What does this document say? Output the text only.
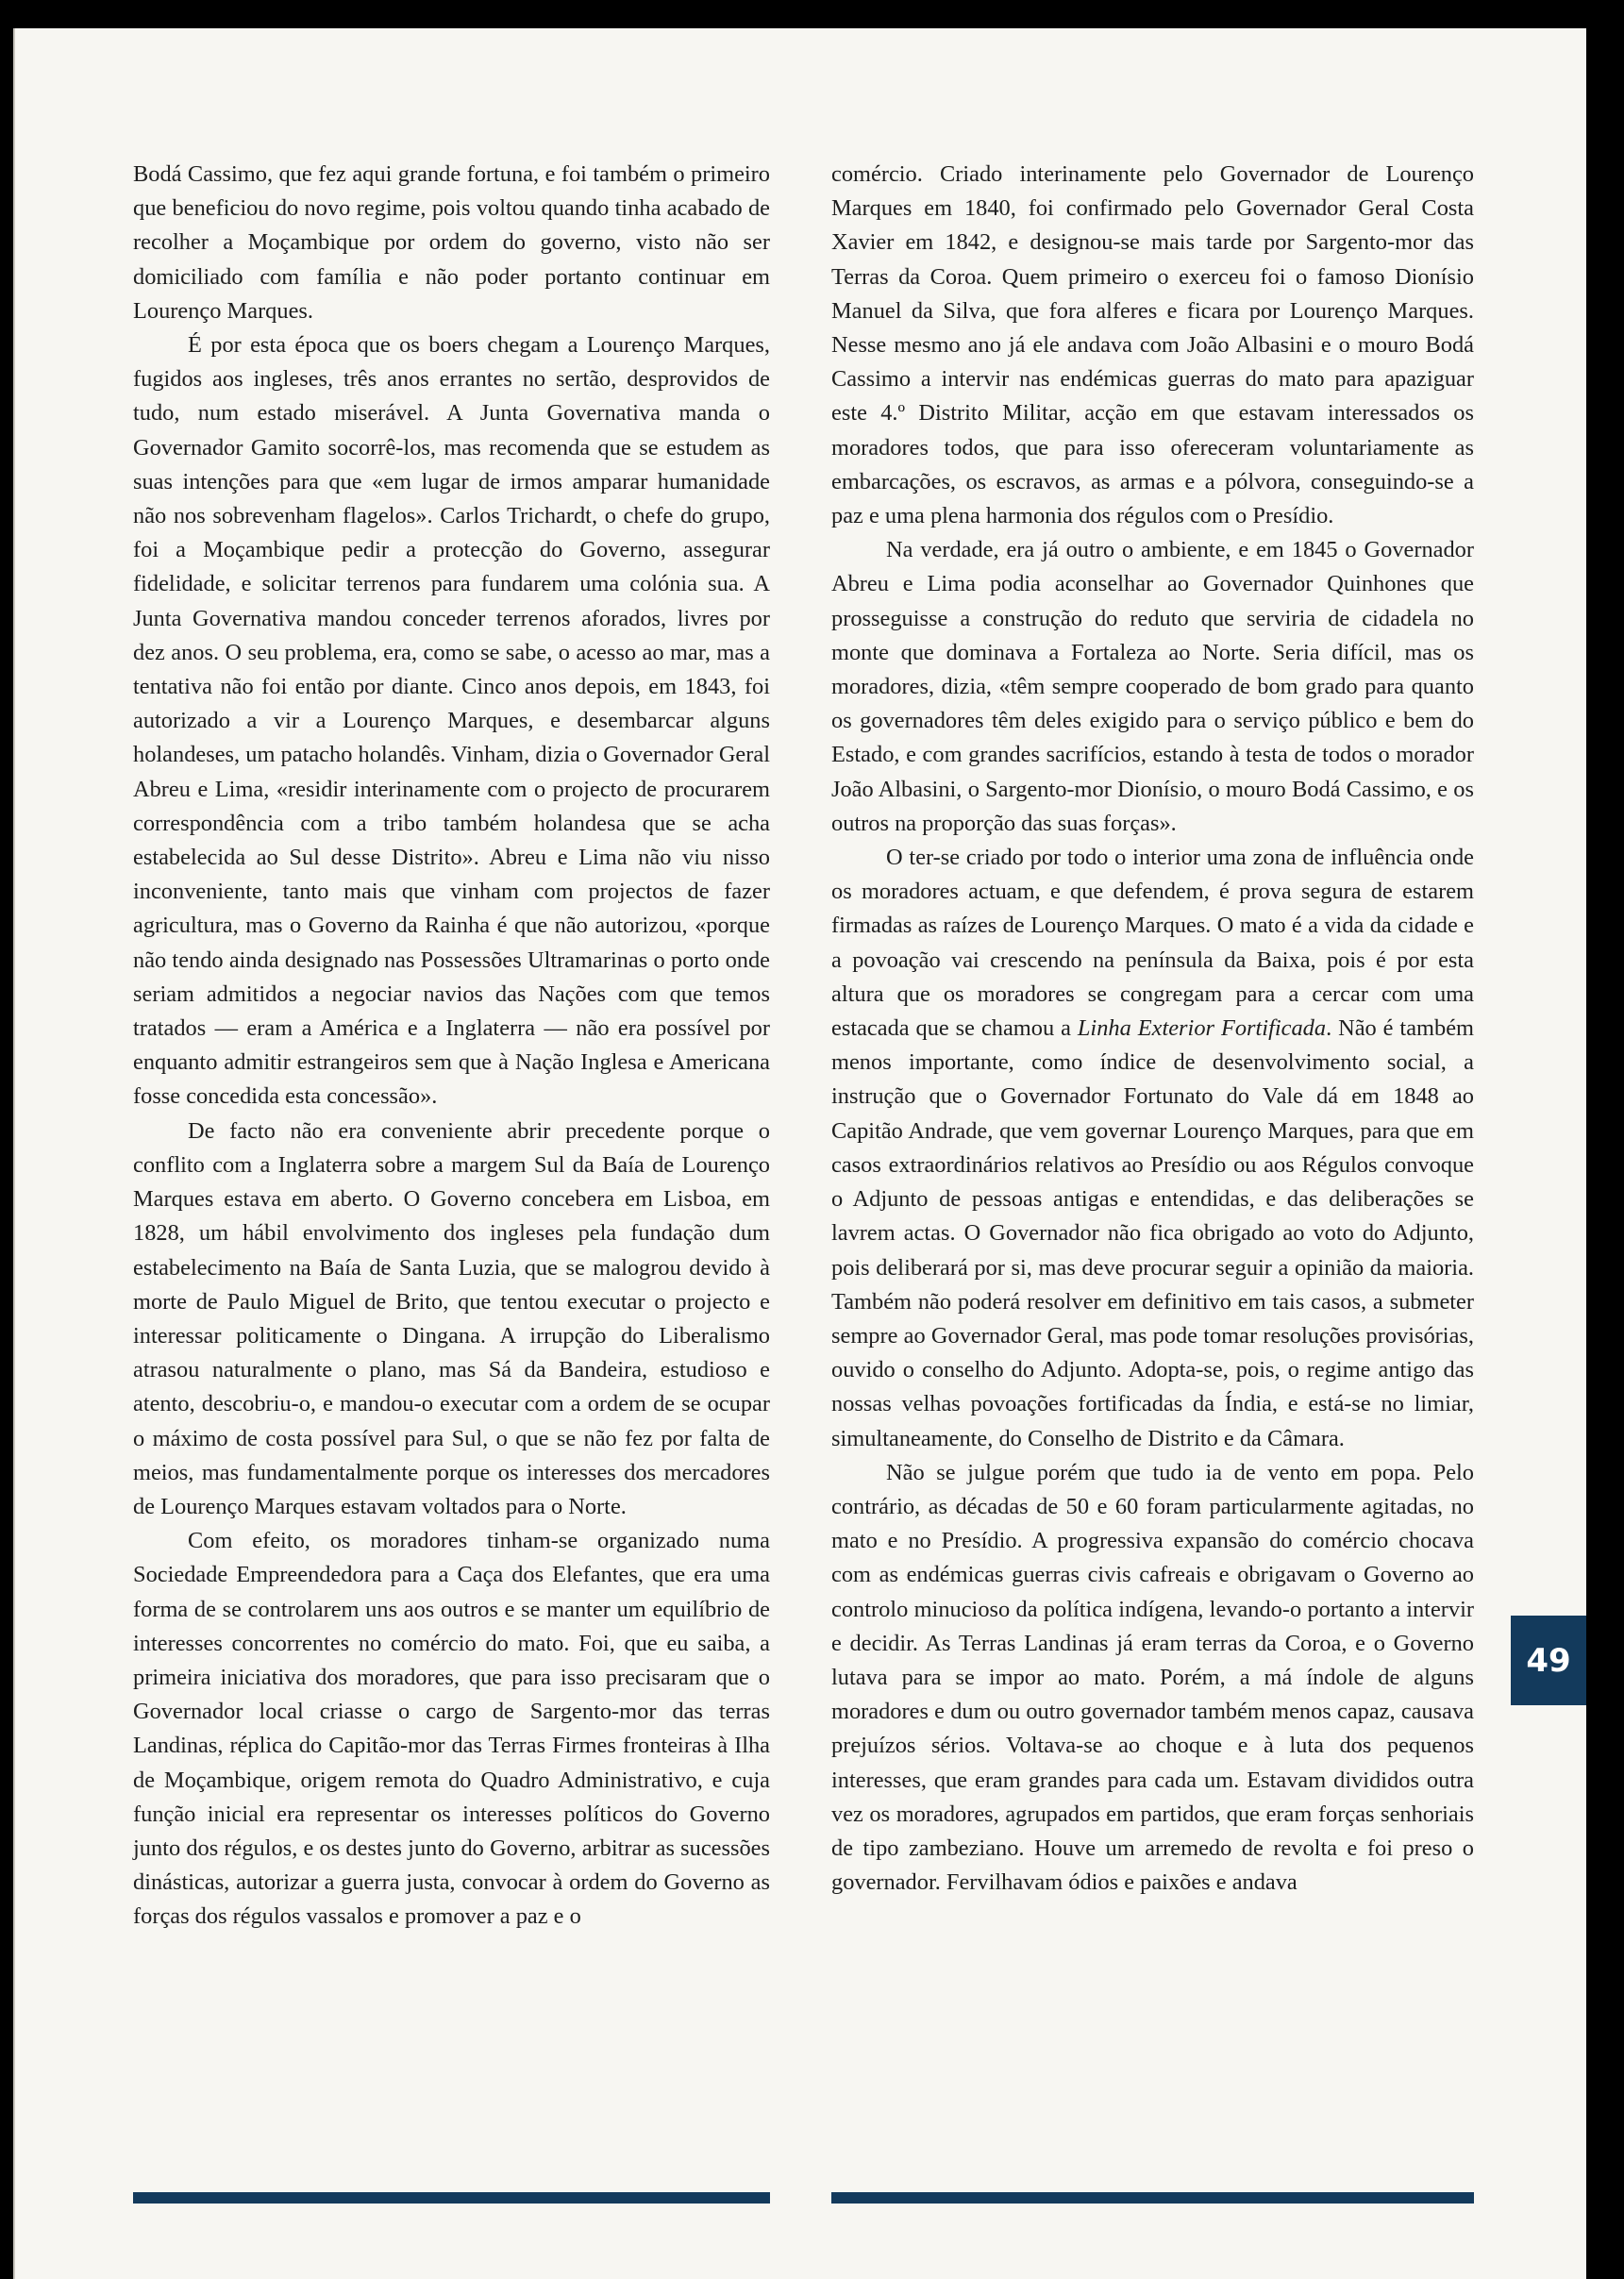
Bodá Cassimo, que fez aqui grande fortuna, e foi também o primeiro que beneficiou do novo regime, pois voltou quando tinha acabado de recolher a Moçambique por ordem do governo, visto não ser domiciliado com família e não poder portanto continuar em Lourenço Marques.

É por esta época que os boers chegam a Lourenço Marques, fugidos aos ingleses, três anos errantes no sertão, desprovidos de tudo, num estado miserável. A Junta Governativa manda o Governador Gamito socorrê-los, mas recomenda que se estudem as suas intenções para que «em lugar de irmos amparar humanidade não nos sobrevenham flagelos». Carlos Trichardt, o chefe do grupo, foi a Moçambique pedir a protecção do Governo, assegurar fidelidade, e solicitar terrenos para fundarem uma colónia sua. A Junta Governativa mandou conceder terrenos aforados, livres por dez anos. O seu problema, era, como se sabe, o acesso ao mar, mas a tentativa não foi então por diante. Cinco anos depois, em 1843, foi autorizado a vir a Lourenço Marques, e desembarcar alguns holandeses, um patacho holandês. Vinham, dizia o Governador Geral Abreu e Lima, «residir interinamente com o projecto de procurarem correspondência com a tribo também holandesa que se acha estabelecida ao Sul desse Distrito». Abreu e Lima não viu nisso inconveniente, tanto mais que vinham com projectos de fazer agricultura, mas o Governo da Rainha é que não autorizou, «porque não tendo ainda designado nas Possessões Ultramarinas o porto onde seriam admitidos a negociar navios das Nações com que temos tratados — eram a América e a Inglaterra — não era possível por enquanto admitir estrangeiros sem que à Nação Inglesa e Americana fosse concedida esta concessão».

De facto não era conveniente abrir precedente porque o conflito com a Inglaterra sobre a margem Sul da Baía de Lourenço Marques estava em aberto. O Governo concebera em Lisboa, em 1828, um hábil envolvimento dos ingleses pela fundação dum estabelecimento na Baía de Santa Luzia, que se malogrou devido à morte de Paulo Miguel de Brito, que tentou executar o projecto e interessar politicamente o Dingana. A irrupção do Liberalismo atrasou naturalmente o plano, mas Sá da Bandeira, estudioso e atento, descobriu-o, e mandou-o executar com a ordem de se ocupar o máximo de costa possível para Sul, o que se não fez por falta de meios, mas fundamentalmente porque os interesses dos mercadores de Lourenço Marques estavam voltados para o Norte.

Com efeito, os moradores tinham-se organizado numa Sociedade Empreendedora para a Caça dos Elefantes, que era uma forma de se controlarem uns aos outros e se manter um equilíbrio de interesses concorrentes no comércio do mato. Foi, que eu saiba, a primeira iniciativa dos moradores, que para isso precisaram que o Governador local criasse o cargo de Sargento-mor das terras Landinas, réplica do Capitão-mor das Terras Firmes fronteiras à Ilha de Moçambique, origem remota do Quadro Administrativo, e cuja função inicial era representar os interesses políticos do Governo junto dos régulos, e os destes junto do Governo, arbitrar as sucessões dinásticas, autorizar a guerra justa, convocar à ordem do Governo as forças dos régulos vassalos e promover a paz e o

comércio. Criado interinamente pelo Governador de Lourenço Marques em 1840, foi confirmado pelo Governador Geral Costa Xavier em 1842, e designou-se mais tarde por Sargento-mor das Terras da Coroa. Quem primeiro o exerceu foi o famoso Dionísio Manuel da Silva, que fora alferes e ficara por Lourenço Marques. Nesse mesmo ano já ele andava com João Albasini e o mouro Bodá Cassimo a intervir nas endémicas guerras do mato para apaziguar este 4.º Distrito Militar, acção em que estavam interessados os moradores todos, que para isso ofereceram voluntariamente as embarcações, os escravos, as armas e a pólvora, conseguindo-se a paz e uma plena harmonia dos régulos com o Presídio.

Na verdade, era já outro o ambiente, e em 1845 o Governador Abreu e Lima podia aconselhar ao Governador Quinhones que prosseguisse a construção do reduto que serviria de cidadela no monte que dominava a Fortaleza ao Norte. Seria difícil, mas os moradores, dizia, «têm sempre cooperado de bom grado para quanto os governadores têm deles exigido para o serviço público e bem do Estado, e com grandes sacrifícios, estando à testa de todos o morador João Albasini, o Sargento-mor Dionísio, o mouro Bodá Cassimo, e os outros na proporção das suas forças».

O ter-se criado por todo o interior uma zona de influência onde os moradores actuam, e que defendem, é prova segura de estarem firmadas as raízes de Lourenço Marques. O mato é a vida da cidade e a povoação vai crescendo na península da Baixa, pois é por esta altura que os moradores se congregam para a cercar com uma estacada que se chamou a Linha Exterior Fortificada. Não é também menos importante, como índice de desenvolvimento social, a instrução que o Governador Fortunato do Vale dá em 1848 ao Capitão Andrade, que vem governar Lourenço Marques, para que em casos extraordinários relativos ao Presídio ou aos Régulos convoque o Adjunto de pessoas antigas e entendidas, e das deliberações se lavrem actas. O Governador não fica obrigado ao voto do Adjunto, pois deliberará por si, mas deve procurar seguir a opinião da maioria. Também não poderá resolver em definitivo em tais casos, a submeter sempre ao Governador Geral, mas pode tomar resoluções provisórias, ouvido o conselho do Adjunto. Adopta-se, pois, o regime antigo das nossas velhas povoações fortificadas da Índia, e está-se no limiar, simultaneamente, do Conselho de Distrito e da Câmara.

Não se julgue porém que tudo ia de vento em popa. Pelo contrário, as décadas de 50 e 60 foram particularmente agitadas, no mato e no Presídio. A progressiva expansão do comércio chocava com as endémicas guerras civis cafreais e obrigavam o Governo ao controlo minucioso da política indígena, levando-o portanto a intervir e decidir. As Terras Landinas já eram terras da Coroa, e o Governo lutava para se impor ao mato. Porém, a má índole de alguns moradores e dum ou outro governador também menos capaz, causava prejuízos sérios. Voltava-se ao choque e à luta dos pequenos interesses, que eram grandes para cada um. Estavam divididos outra vez os moradores, agrupados em partidos, que eram forças senhoriais de tipo zambeziano. Houve um arremedo de revolta e foi preso o governador. Fervilhavam ódios e paixões e andava

49
